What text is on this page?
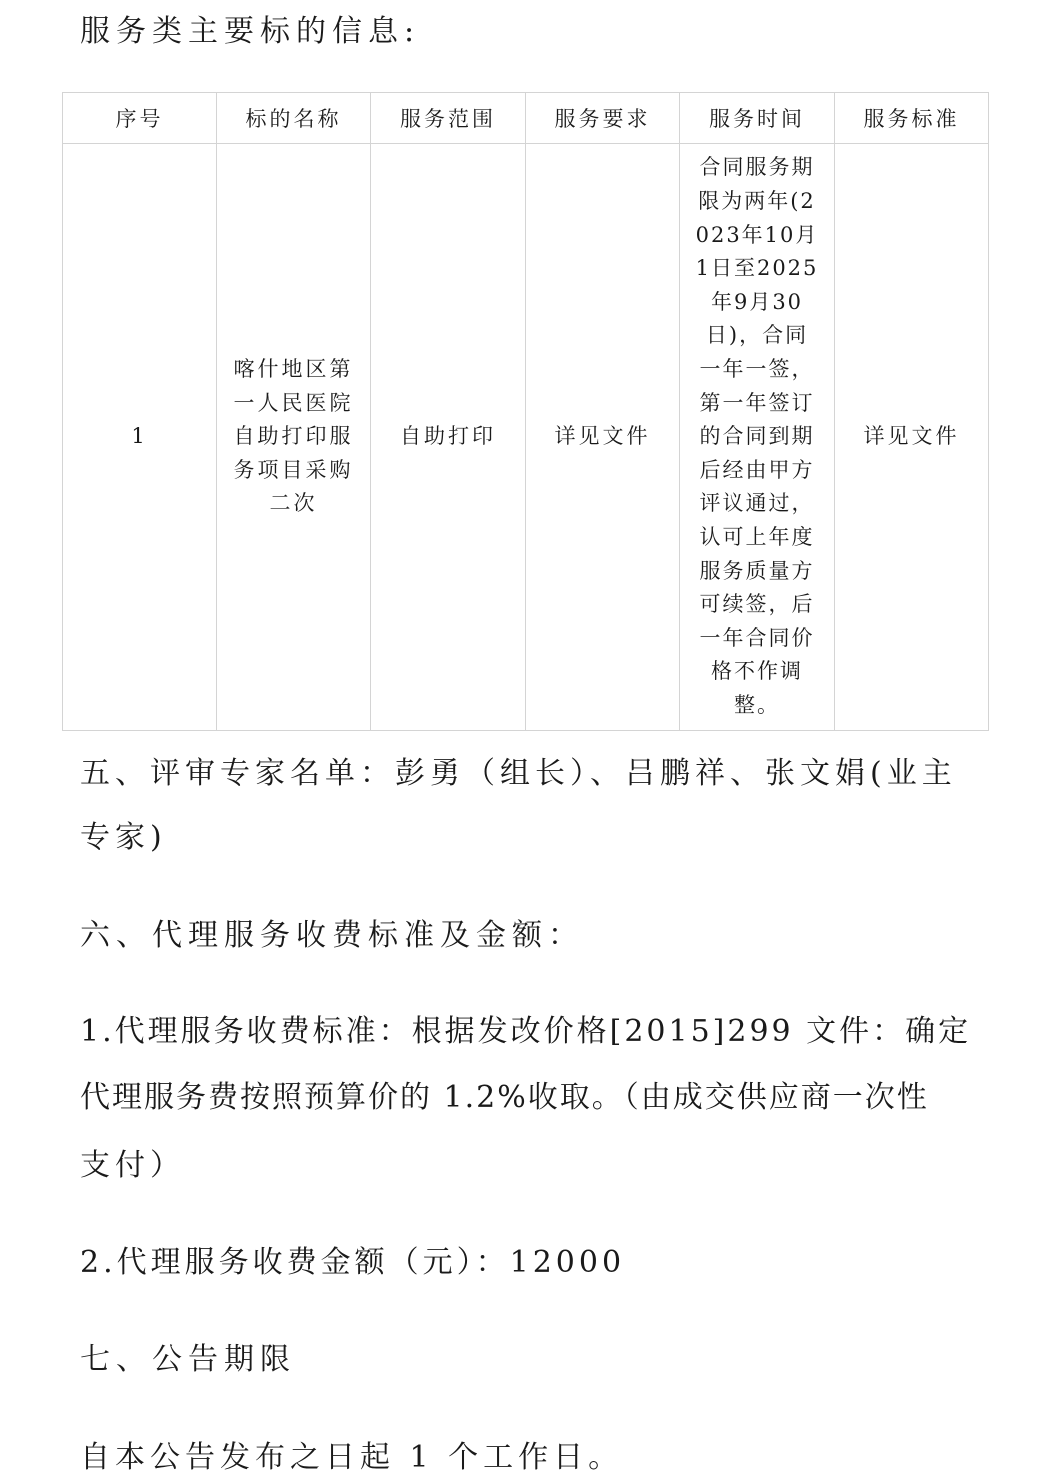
服务类主要标的信息:
序号	标的名称	服务范围	服务要求	服务时间	服务标准
1	喀什地区第一人民医院自助打印服务项目采购二次	自助打印	详见文件	合同服务期限为两年(2023年10月1日至2025年9月30日)，合同一年一签，第一年签订的合同到期后经由甲方评议通过，认可上年度服务质量方可续签，后一年合同价格不作调整。	详见文件
五、评审专家名单：彭勇（组长）、吕鹏祥、张文娟(业主
专家)
六、代理服务收费标准及金额：
1.代理服务收费标准：根据发改价格[2015]299 文件：确定
代理服务费按照预算价的 1.2%收取。（由成交供应商一次性
支付）
2.代理服务收费金额（元）：12000
七、公告期限
自本公告发布之日起 1 个工作日。
